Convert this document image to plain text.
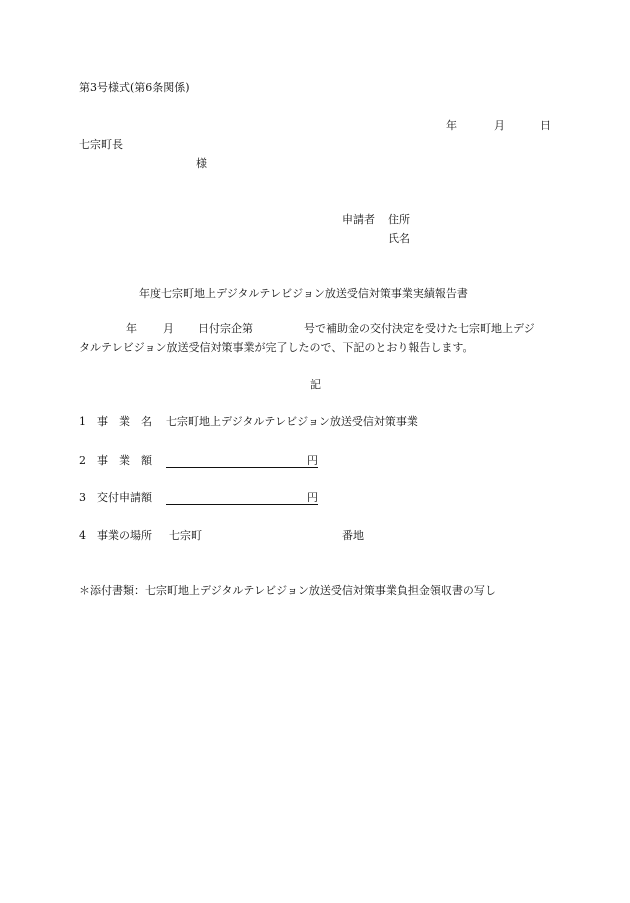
第3号様式(第6条関係)
年	月	日
七宗町長
様
申請者 住所
氏名
年度七宗町地上デジタルテレビジョン放送受信対策事業実績報告書
年 月 日付宗企第	号で補助金の交付決定を受けた七宗町地上デジ
タルテレビジョン放送受信対策事業が完了したので、下記のとおり報告します。
記
1 事　業　名 七宗町地上デジタルテレビジョン放送受信対策事業
2 事　業　額	円
3 交付申請額	円
4 事業の場所 七宗町	番地
＊添付書類：七宗町地上デジタルテレビジョン放送受信対策事業負担金領収書の写し
